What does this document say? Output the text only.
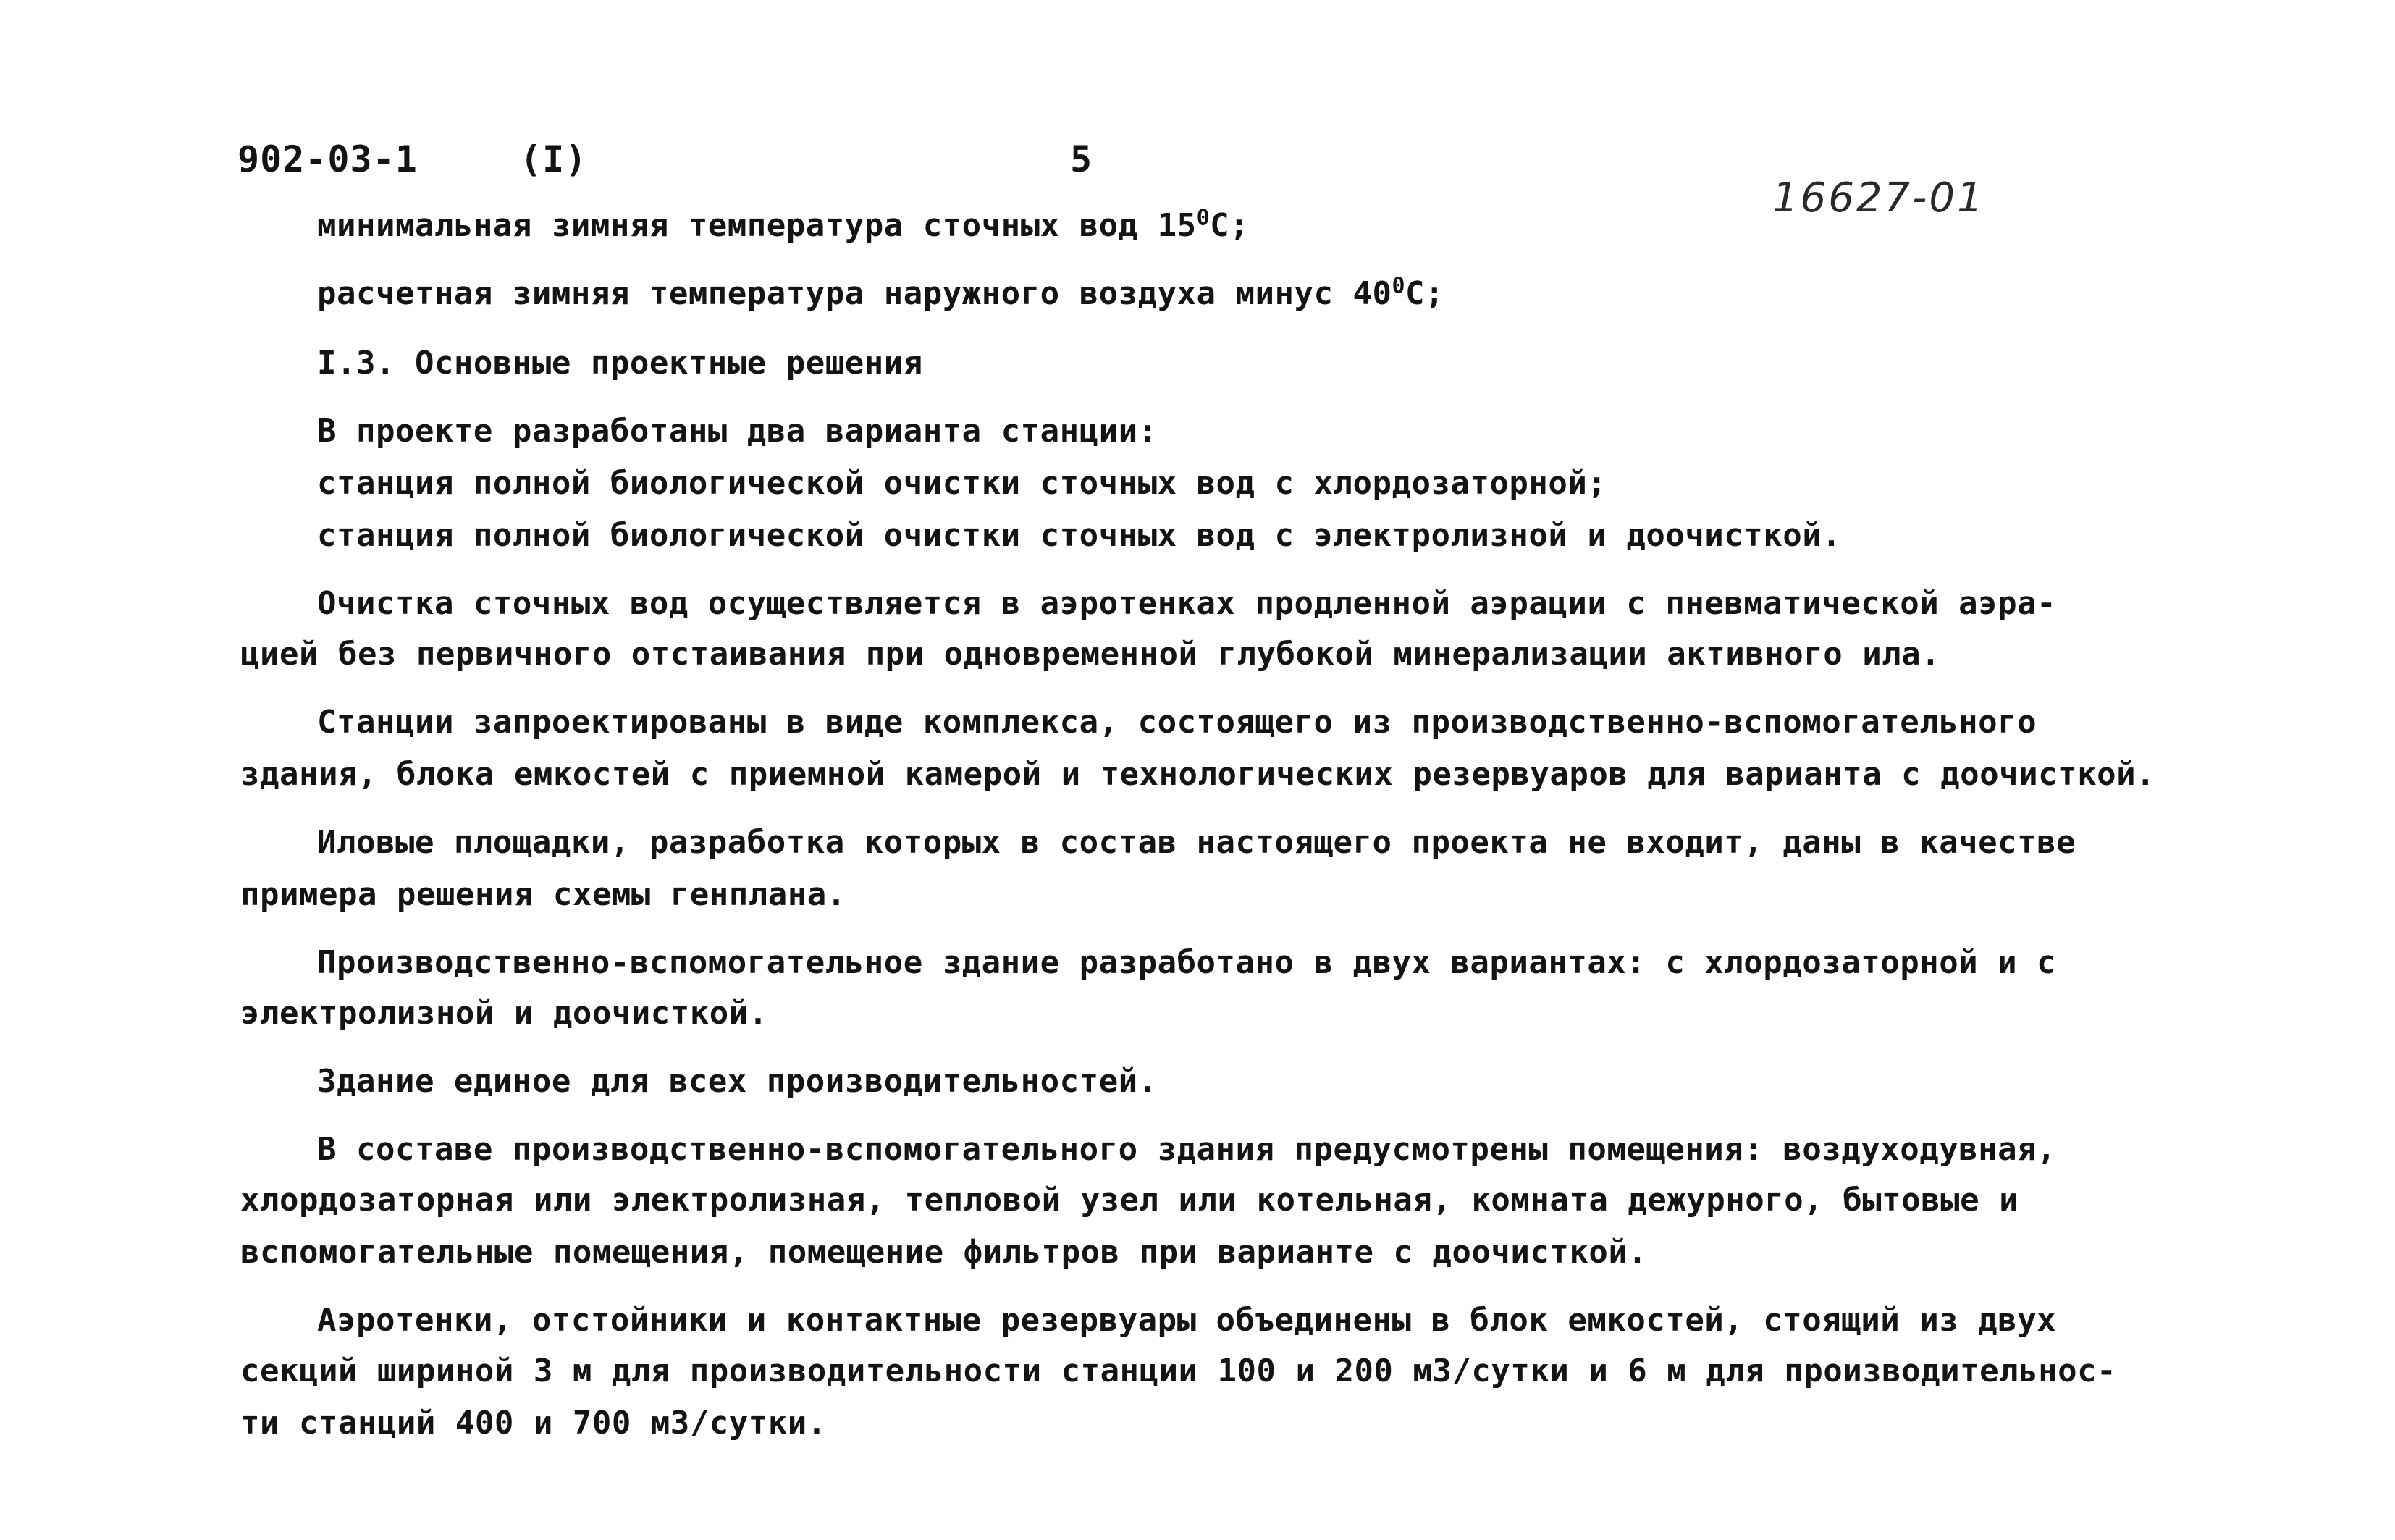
902-03-1	(I)	5
16627-01
минимальная зимняя температура сточных вод $15^0С$;
расчетная зимняя температура наружного воздуха минус $40^0С$;
I.3. Основные проектные решения
В проекте разработаны два варианта станции:
станция полной биологической очистки сточных вод с хлордозаторной;
станция полной биологической очистки сточных вод с электролизной и доочисткой.
Очистка сточных вод осуществляется в аэротенках продленной аэрации с пневматической аэра-
цией без первичного отстаивания при одновременной глубокой минерализации активного ила.
Станции запроектированы в виде комплекса, состоящего из производственно-вспомогательного
здания, блока емкостей с приемной камерой и технологических резервуаров для варианта с доочисткой.
Иловые площадки, разработка которых в состав настоящего проекта не входит, даны в качестве
примера решения схемы генплана.
Производственно-вспомогательное здание разработано в двух вариантах: с хлордозаторной и с
электролизной и доочисткой.
Здание единое для всех производительностей.
В составе производственно-вспомогательного здания предусмотрены помещения: воздуходувная,
хлордозаторная или электролизная, тепловой узел или котельная, комната дежурного, бытовые и
вспомогательные помещения, помещение фильтров при варианте с доочисткой.
Аэротенки, отстойники и контактные резервуары объединены в блок емкостей, стоящий из двух
секций шириной 3 м для производительности станции 100 и 200 м3/сутки и 6 м для производительнос-
ти станций 400 и 700 м3/сутки.
